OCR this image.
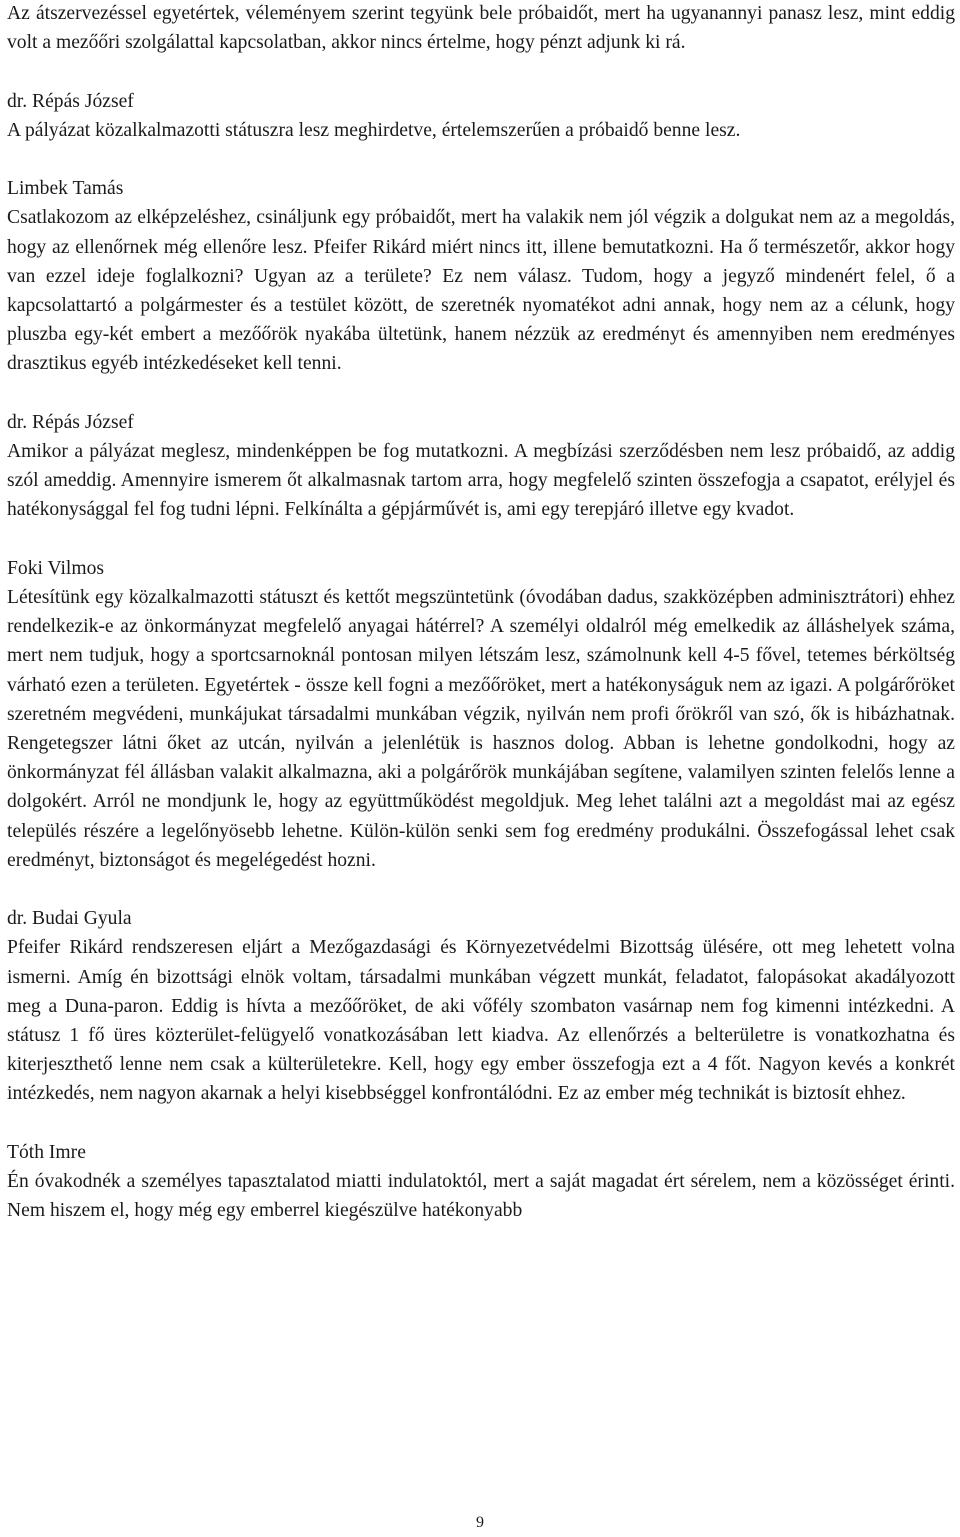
Az átszervezéssel egyetértek, véleményem szerint tegyünk bele próbaidőt, mert ha ugyanannyi panasz lesz, mint eddig volt a mezőőri szolgálattal kapcsolatban, akkor nincs értelme, hogy pénzt adjunk ki rá.

dr. Répás József

A pályázat közalkalmazotti státuszra lesz meghirdetve, értelemszerűen a próbaidő benne lesz.

Limbek Tamás

Csatlakozom az elképzeléshez, csináljunk egy próbaidőt, mert ha valakik nem jól végzik a dolgukat nem az a megoldás, hogy az ellenőrnek még ellenőre lesz. Pfeifer Rikárd miért nincs itt, illene bemutatkozni. Ha ő természetőr, akkor hogy van ezzel ideje foglalkozni? Ugyan az a területe? Ez nem válasz. Tudom, hogy a jegyző mindenért felel, ő a kapcsolattartó a polgármester és a testület között, de szeretnék nyomatékot adni annak, hogy nem az a célunk, hogy pluszba egy-két embert a mezőőrök nyakába ültetünk, hanem nézzük az eredményt és amennyiben nem eredményes drasztikus egyéb intézkedéseket kell tenni.

dr. Répás József

Amikor a pályázat meglesz, mindenképpen be fog mutatkozni. A megbízási szerződésben nem lesz próbaidő, az addig szól ameddig. Amennyire ismerem őt alkalmasnak tartom arra, hogy megfelelő szinten összefogja a csapatot, erélyjel és hatékonysággal fel fog tudni lépni. Felkínálta a gépjárművét is, ami egy terepjáró illetve egy kvadot.

Foki Vilmos

Létesítünk egy közalkalmazotti státuszt és kettőt megszüntetünk (óvodában dadus, szakközépben adminisztrátori) ehhez rendelkezik-e az önkormányzat megfelelő anyagai hátérrel? A személyi oldalról még emelkedik az álláshelyek száma, mert nem tudjuk, hogy a sportcsarnoknál pontosan milyen létszám lesz, számolnunk kell 4-5 fővel, tetemes bérköltség várható ezen a területen. Egyetértek - össze kell fogni a mezőőröket, mert a hatékonyságuk nem az igazi. A polgárőröket szeretném megvédeni, munkájukat társadalmi munkában végzik, nyilván nem profi őrökről van szó, ők is hibázhatnak. Rengetegszer látni őket az utcán, nyilván a jelenlétük is hasznos dolog. Abban is lehetne gondolkodni, hogy az önkormányzat fél állásban valakit alkalmazna, aki a polgárőrök munkájában segítene, valamilyen szinten felelős lenne a dolgokért. Arról ne mondjunk le, hogy az együttműködést megoldjuk. Meg lehet találni azt a megoldást mai az egész település részére a legelőnyösebb lehetne. Külön-külön senki sem fog eredmény produkálni. Összefogással lehet csak eredményt, biztonságot és megelégedést hozni.

dr. Budai Gyula

Pfeifer Rikárd rendszeresen eljárt a Mezőgazdasági és Környezetvédelmi Bizottság ülésére, ott meg lehetett volna ismerni. Amíg én bizottsági elnök voltam, társadalmi munkában végzett munkát, feladatot, falopásokat akadályozott meg a Duna-paron. Eddig is hívta a mezőőröket, de aki vőfély szombaton vasárnap nem fog kimenni intézkedni. A státusz 1 fő üres közterület-felügyelő vonatkozásában lett kiadva. Az ellenőrzés a belterületre is vonatkozhatna és kiterjeszthető lenne nem csak a külterületekre. Kell, hogy egy ember összefogja ezt a 4 főt. Nagyon kevés a konkrét intézkedés, nem nagyon akarnak a helyi kisebbséggel konfrontálódni. Ez az ember még technikát is biztosít ehhez.

Tóth Imre

Én óvakodnék a személyes tapasztalatod miatti indulatoktól, mert a saját magadat ért sérelem, nem a közösséget érinti. Nem hiszem el, hogy még egy emberrel kiegészülve hatékonyabb

9
